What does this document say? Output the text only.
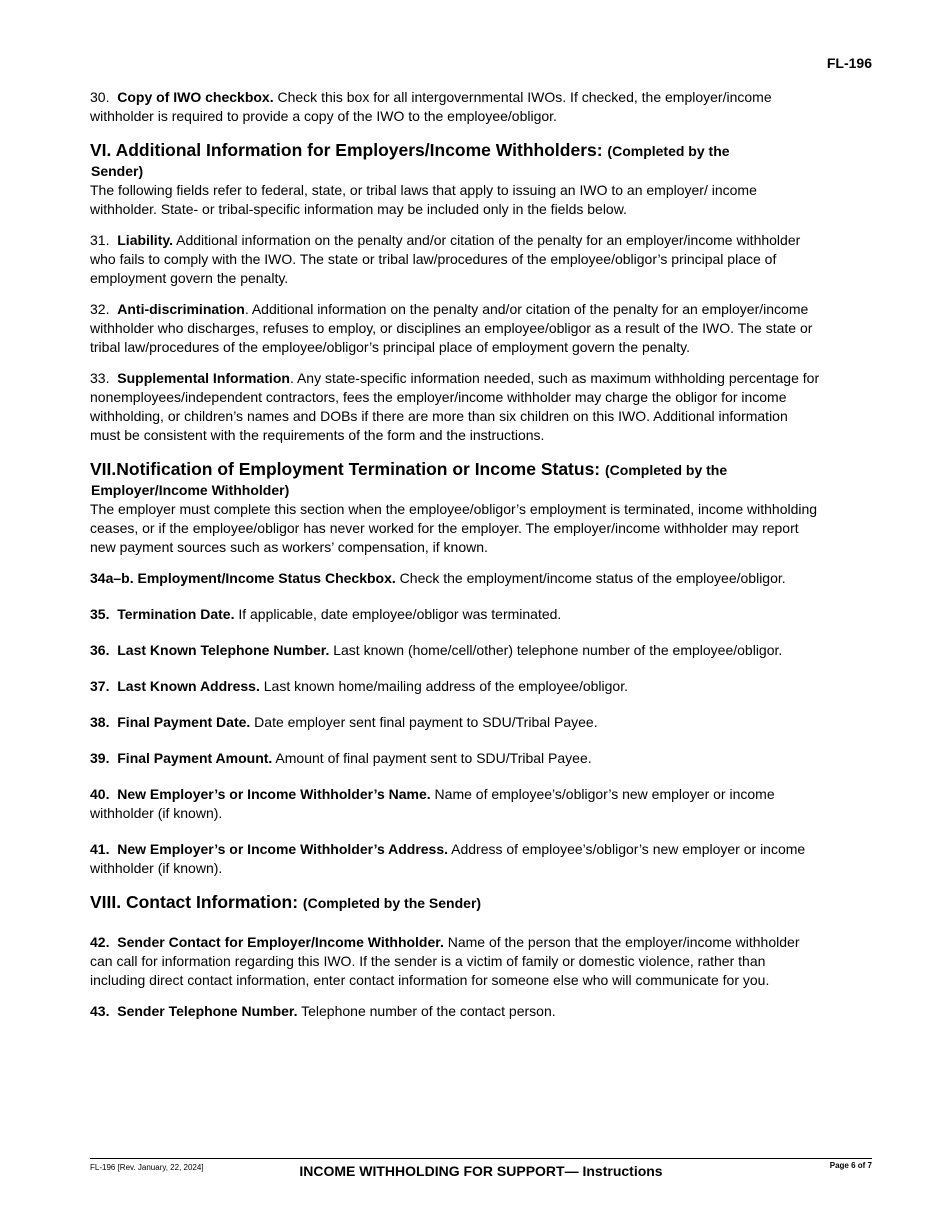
FL-196

30. Copy of IWO checkbox. Check this box for all intergovernmental IWOs. If checked, the employer/income withholder is required to provide a copy of the IWO to the employee/obligor.

VI. Additional Information for Employers/Income Withholders: (Completed by the
Sender)

The following fields refer to federal, state, or tribal laws that apply to issuing an IWO to an employer/ income withholder. State- or tribal-specific information may be included only in the fields below.

31. Liability. Additional information on the penalty and/or citation of the penalty for an employer/income withholder who fails to comply with the IWO. The state or tribal law/procedures of the employee/obligor’s principal place of employment govern the penalty.

32. Anti-discrimination. Additional information on the penalty and/or citation of the penalty for an employer/income withholder who discharges, refuses to employ, or disciplines an employee/obligor as a result of the IWO. The state or tribal law/procedures of the employee/obligor’s principal place of employment govern the penalty.

33. Supplemental Information. Any state-specific information needed, such as maximum withholding percentage for nonemployees/independent contractors, fees the employer/income withholder may charge the obligor for income withholding, or children’s names and DOBs if there are more than six children on this IWO. Additional information must be consistent with the requirements of the form and the instructions.

VII.Notification of Employment Termination or Income Status: (Completed by the
Employer/Income Withholder)

The employer must complete this section when the employee/obligor’s employment is terminated, income withholding ceases, or if the employee/obligor has never worked for the employer. The employer/income withholder may report new payment sources such as workers’ compensation, if known.

34a–b. Employment/Income Status Checkbox. Check the employment/income status of the employee/obligor.

35. Termination Date. If applicable, date employee/obligor was terminated.

36. Last Known Telephone Number. Last known (home/cell/other) telephone number of the employee/obligor.

37. Last Known Address. Last known home/mailing address of the employee/obligor.

38. Final Payment Date. Date employer sent final payment to SDU/Tribal Payee.

39. Final Payment Amount. Amount of final payment sent to SDU/Tribal Payee.

40. New Employer’s or Income Withholder’s Name. Name of employee’s/obligor’s new employer or income withholder (if known).

41. New Employer’s or Income Withholder’s Address. Address of employee’s/obligor’s new employer or income withholder (if known).

VIII. Contact Information: (Completed by the Sender)

42. Sender Contact for Employer/Income Withholder. Name of the person that the employer/income withholder can call for information regarding this IWO. If the sender is a victim of family or domestic violence, rather than including direct contact information, enter contact information for someone else who will communicate for you.

43. Sender Telephone Number. Telephone number of the contact person.

FL-196 [Rev. January, 22, 2024]	INCOME WITHHOLDING FOR SUPPORT— Instructions	Page 6 of 7
